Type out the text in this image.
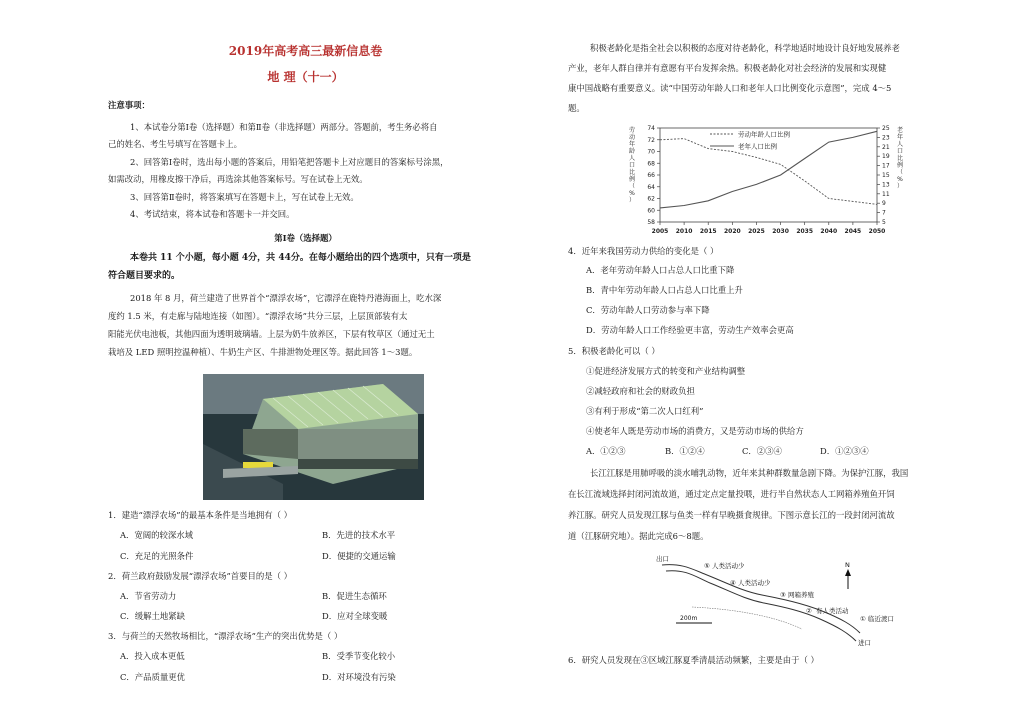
2019年高考高三最新信息卷
地 理（十一）
注意事项：
1、本试卷分第Ⅰ卷（选择题）和第Ⅱ卷（非选择题）两部分。答题前，考生务必将自
己的姓名、考生号填写在答题卡上。
2、回答第Ⅰ卷时，选出每小题的答案后，用铅笔把答题卡上对应题目的答案标号涂黑，
如需改动，用橡皮擦干净后，再选涂其他答案标号。写在试卷上无效。
3、回答第Ⅱ卷时，将答案填写在答题卡上，写在试卷上无效。
4、考试结束，将本试卷和答题卡一并交回。
第Ⅰ卷（选择题）
本卷共 11 个小题，每小题 4分，共 44分。在每小题给出的四个选项中，只有一项是
符合题目要求的。
2018 年 8 月，荷兰建造了世界首个“漂浮农场”，它漂浮在鹿特丹港海面上，吃水深
度约 1.5 米，有走廊与陆地连接（如图）。“漂浮农场”共分三层，上层顶部装有太
阳能光伏电池板，其他四面为透明玻璃墙。上层为奶牛放养区，下层有牧草区（通过无土
栽培及 LED 照明控温种植）、牛奶生产区、牛排泄物处理区等。据此回答 1～3题。
1．建造“漂浮农场”的最基本条件是当地拥有（ ）
A．宽阔的较深水域	B．先进的技术水平
C．充足的光照条件	D．便捷的交通运输
2．荷兰政府鼓励发展“漂浮农场”首要目的是（ ）
A．节省劳动力	B．促进生态循环
C．缓解土地紧缺	D．应对全球变暖
3．与荷兰的天然牧场相比，“漂浮农场”生产的突出优势是（ ）
A．投入成本更低	B．受季节变化较小
C．产品质量更优	D．对环境没有污染
积极老龄化是指全社会以积极的态度对待老龄化，科学地适时地设计良好地发展养老
产业，老年人群自律并有意愿有平台发挥余热。积极老龄化对社会经济的发展和实现健
康中国战略有重要意义。读“中国劳动年龄人口和老年人口比例变化示意图”，完成 4～5
题。
58
60
62
64
66
68
70
72
74
5
7
9
11
13
15
17
19
21
23
25
2005 2010 2015 2020 2025 2030 2035 2040 2045 2050
劳动年龄人口比例（%）
老年人口比例（%）
劳动年龄人口比例
老年人口比例
4．近年来我国劳动力供给的变化是（ ）
A．老年劳动年龄人口占总人口比重下降
B．青中年劳动年龄人口占总人口比重上升
C．劳动年龄人口劳动参与率下降
D．劳动年龄人口工作经验更丰富，劳动生产效率会更高
5．积极老龄化可以（ ）
①促进经济发展方式的转变和产业结构调整
②减轻政府和社会的财政负担
③有利于形成“第二次人口红利”
④使老年人既是劳动市场的消费方，又是劳动市场的供给方
A．①②③	B．①②④	C．②③④	D．①②③④
长江江豚是用肺呼吸的淡水哺乳动物，近年来其种群数量急剧下降。为保护江豚，我国
在长江流域选择封闭河流故道，通过定点定量投喂，进行半自然状态人工网箱养殖鱼开饲
养江豚。研究人员发现江豚与鱼类一样有早晚摄食规律。下图示意长江的一段封闭河流故
道（江豚研究地）。据此完成6～8题。
出口
⑤ 人类活动少
④ 人类活动少
③ 网箱养殖
② 有人类活动
① 临近渡口
进口
N
200m
6．研究人员发现在③区域江豚夏季清晨活动频繁，主要是由于（ ）
